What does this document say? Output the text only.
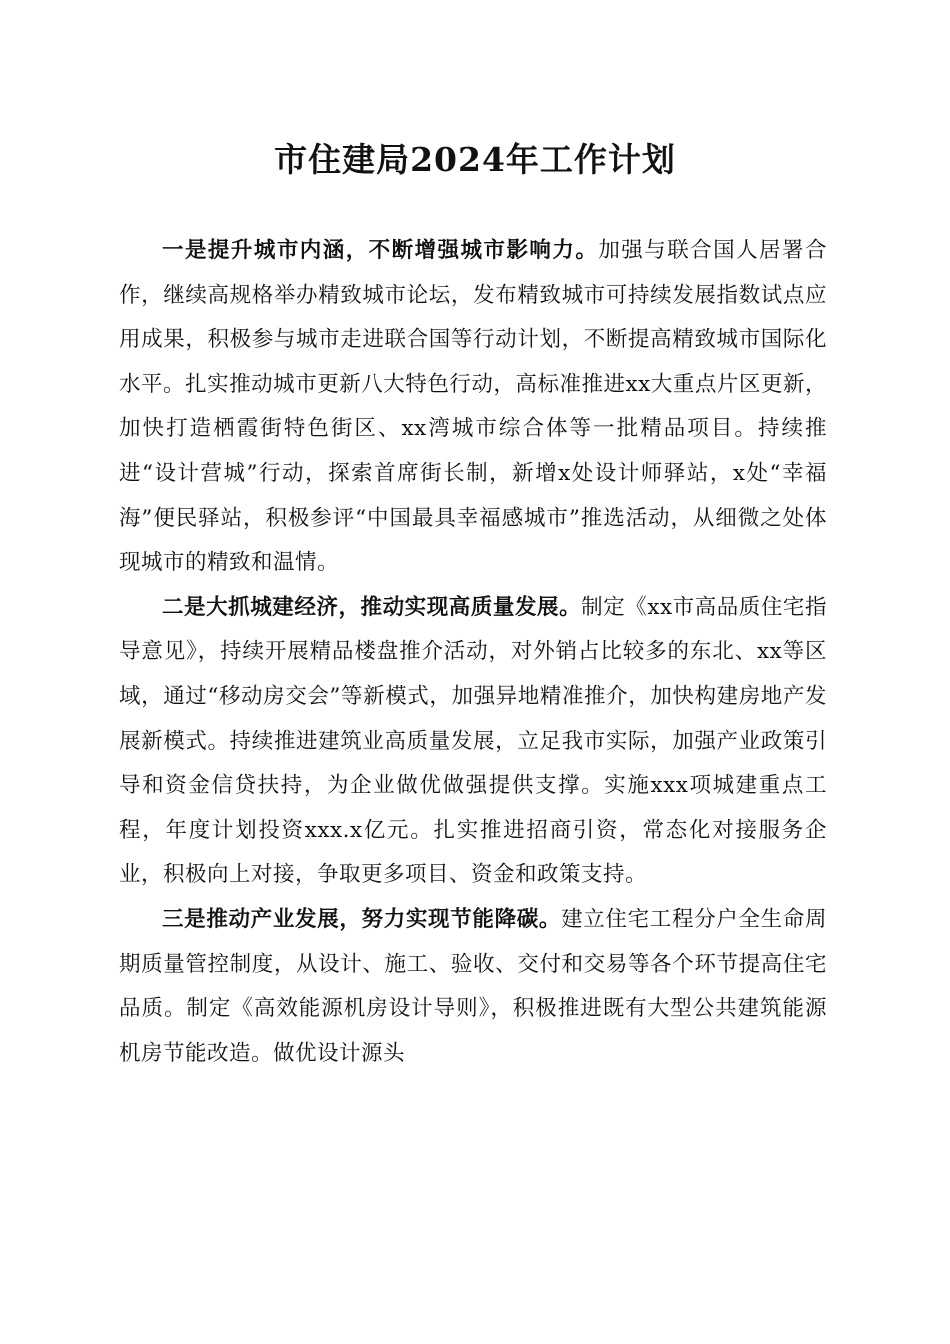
市住建局2024年工作计划

一是提升城市内涵，不断增强城市影响力。加强与联合国人居署合作，继续高规格举办精致城市论坛，发布精致城市可持续发展指数试点应用成果，积极参与城市走进联合国等行动计划，不断提高精致城市国际化水平。扎实推动城市更新八大特色行动，高标准推进xx大重点片区更新，加快打造栖霞街特色街区、xx湾城市综合体等一批精品项目。持续推进“设计营城”行动，探索首席街长制，新增x处设计师驿站，x处“幸福海”便民驿站，积极参评“中国最具幸福感城市”推选活动，从细微之处体现城市的精致和温情。

二是大抓城建经济，推动实现高质量发展。制定《xx市高品质住宅指导意见》，持续开展精品楼盘推介活动，对外销占比较多的东北、xx等区域，通过“移动房交会”等新模式，加强异地精准推介，加快构建房地产发展新模式。持续推进建筑业高质量发展，立足我市实际，加强产业政策引导和资金信贷扶持，为企业做优做强提供支撑。实施xxx项城建重点工程，年度计划投资xxx.x亿元。扎实推进招商引资，常态化对接服务企业，积极向上对接，争取更多项目、资金和政策支持。

三是推动产业发展，努力实现节能降碳。建立住宅工程分户全生命周期质量管控制度，从设计、施工、验收、交付和交易等各个环节提高住宅品质。制定《高效能源机房设计导则》，积极推进既有大型公共建筑能源机房节能改造。做优设计源头
